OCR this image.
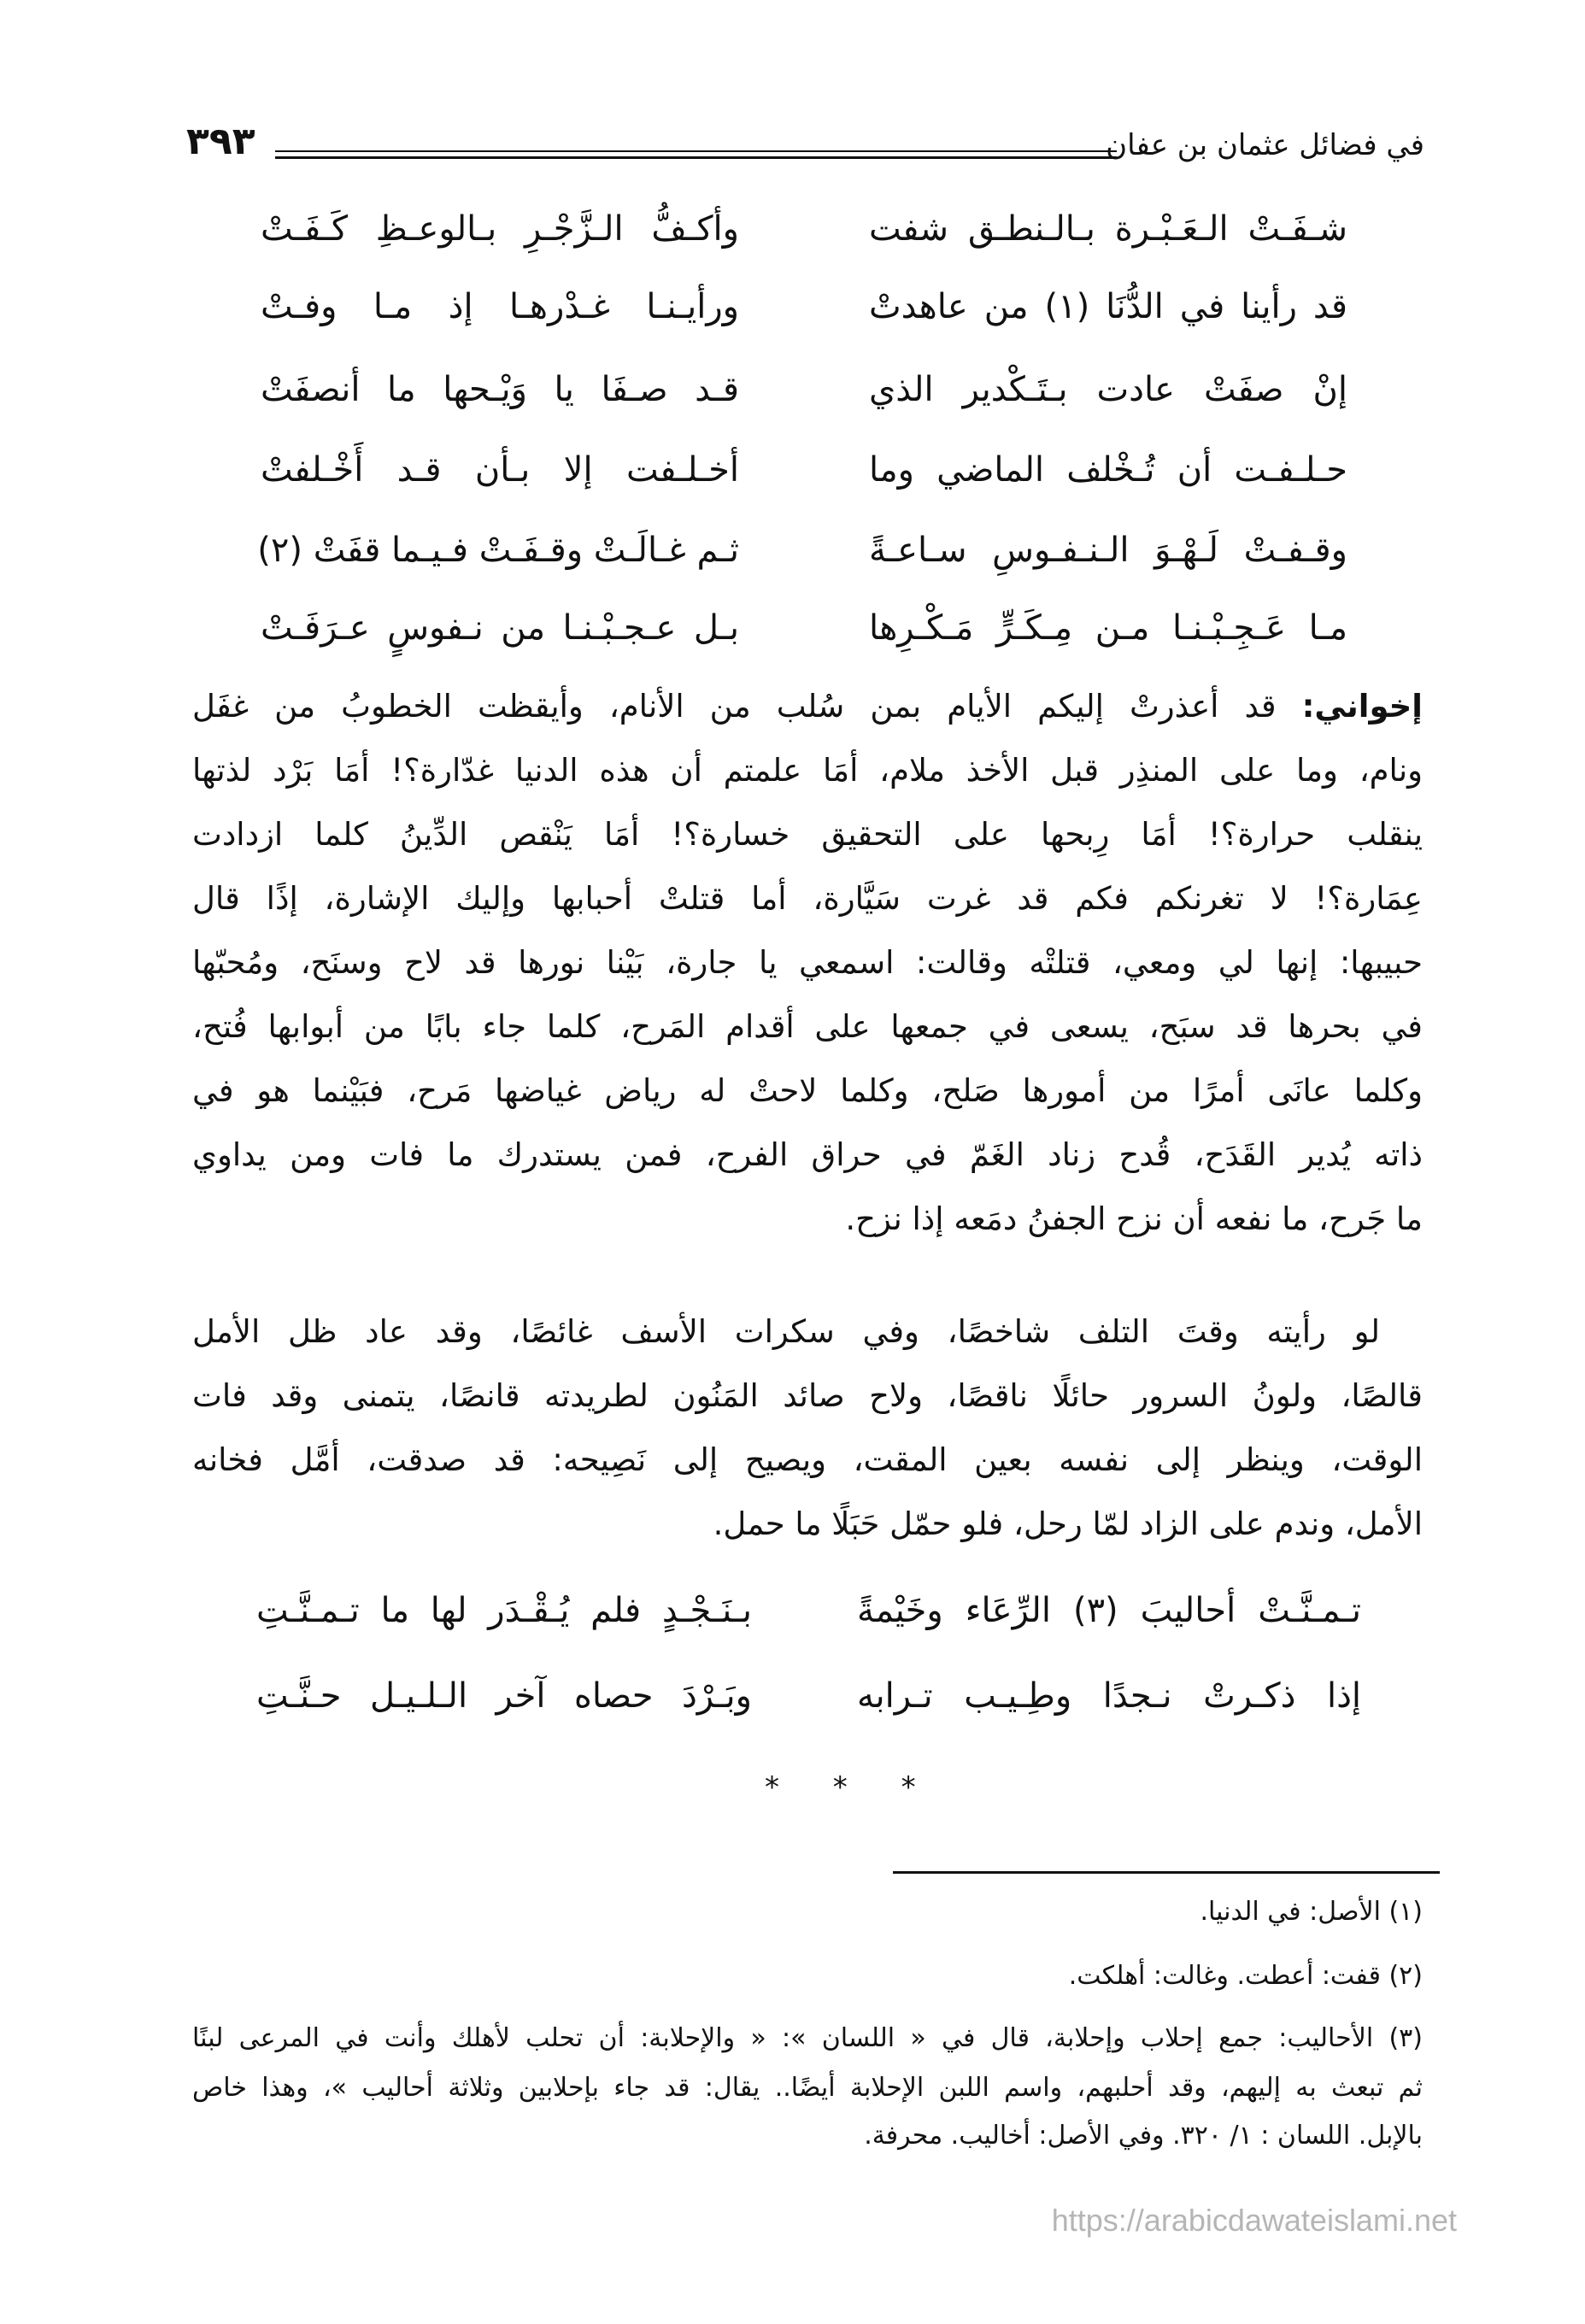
في فضائل عثمان بن عفان
٣٩٣
شـفَـتْ الـعَـبْـرة بـالـنطـق شفت
وأكـفُّ الـزَّجْـرِ بـالوعـظِ كَـفَـتْ
قد رأينا في الدُّنَا (١) من عاهدتْ
ورأيـنـا غـدْرهـا إذ مـا وفـتْ
إنْ صفَتْ عادت بـتَـكْدير الذي
قـد صـفَا يا وَيْـحها ما أنصفَتْ
حـلـفـت أن تُـخْلف الماضي وما
أخـلـفت إلا بـأن قـد أَخْـلفتْ
وقـفـتْ لَـهْـوَ الـنـفـوسِ سـاعـةً
ثـم غـالَـتْ وقـفَـتْ فـيـما قفَتْ (٢)
مـا عَـجِـبْـنـا مـن مِـكَـرٍّ مَـكْـرِها
بـل عـجـبْـنـا من نـفوسٍ عـرَفَـتْ
إخواني: قد أعذرتْ إليكم الأيام بمن سُلب من الأنام، وأيقظت الخطوبُ من غفَل
ونام، وما على المنذِر قبل الأخذ ملام، أمَا علمتم أن هذه الدنيا غدّارة؟! أمَا بَرْد لذتها
ينقلب حرارة؟! أمَا رِبحها على التحقيق خسارة؟! أمَا يَنْقص الدِّينُ كلما ازدادت
عِمَارة؟! لا تغرنكم فكم قد غرت سَيَّارة، أما قتلتْ أحبابها وإليك الإشارة، إذًا قال
حبيبها: إنها لي ومعي، قتلتْه وقالت: اسمعي يا جارة، بَيْنا نورها قد لاح وسنَح، ومُحبّها
في بحرها قد سبَح، يسعى في جمعها على أقدام المَرح، كلما جاء بابًا من أبوابها فُتح،
وكلما عانَى أمرًا من أمورها صَلح، وكلما لاحتْ له رياض غياضها مَرح، فبَيْنما هو في
ذاته يُدير القَدَح، قُدح زناد الغَمّ في حراق الفرح، فمن يستدرك ما فات ومن يداوي
ما جَرح، ما نفعه أن نزح الجفنُ دمَعه إذا نزح.
لو رأيته وقتَ التلف شاخصًا، وفي سكرات الأسف غائصًا، وقد عاد ظل الأمل
قالصًا، ولونُ السرور حائلًا ناقصًا، ولاح صائد المَنُون لطريدته قانصًا، يتمنى وقد فات
الوقت، وينظر إلى نفسه بعين المقت، ويصيح إلى نَصِيحه: قد صدقت، أمَّل فخانه
الأمل، وندم على الزاد لمّا رحل، فلو حمّل حَبَلًا ما حمل.
تـمـنَّـتْ أحاليبَ (٣) الرِّعَاء وخَيْمةً
بـنَـجْـدٍ فلم يُـقْـدَر لها ما تـمـنَّـتِ
إذا ذكـرتْ نـجدًا وطِـيـب تـرابه
وبَـرْدَ حصاه آخر الـلـيـل حـنَّـتِ
* * *
(١) الأصل: في الدنيا.
(٢) قفت: أعطت. وغالت: أهلكت.
(٣) الأحاليب: جمع إحلاب وإحلابة، قال في « اللسان »: « والإحلابة: أن تحلب لأهلك وأنت في المرعى لبنًا
ثم تبعث به إليهم، وقد أحلبهم، واسم اللبن الإحلابة أيضًا.. يقال: قد جاء بإحلابين وثلاثة أحاليب »، وهذا خاص
بالإبل. اللسان : ١/ ٣٢٠. وفي الأصل: أخاليب. محرفة.
https://arabicdawateislami.net
